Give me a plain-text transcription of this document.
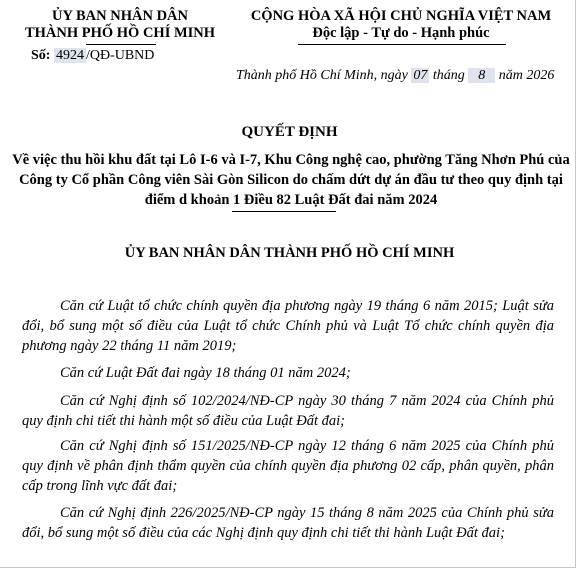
ỦY BAN NHÂN DÂN
THÀNH PHỐ HỒ CHÍ MINH
Số: 4924 /QĐ-UBND
CỘNG HÒA XÃ HỘI CHỦ NGHĨA VIỆT NAM
Độc lập - Tự do - Hạnh phúc
Thành phố Hồ Chí Minh, ngày 07 tháng 8 năm 2026
QUYẾT ĐỊNH
Về việc thu hồi khu đất tại Lô I-6 và I-7, Khu Công nghệ cao, phường Tăng Nhơn Phú của Công ty Cổ phần Công viên Sài Gòn Silicon do chấm dứt dự án đầu tư theo quy định tại điểm d khoản 1 Điều 82 Luật Đất đai năm 2024
ỦY BAN NHÂN DÂN THÀNH PHỐ HỒ CHÍ MINH
Căn cứ Luật tổ chức chính quyền địa phương ngày 19 tháng 6 năm 2015; Luật sửa đổi, bổ sung một số điều của Luật tổ chức Chính phủ và Luật Tổ chức chính quyền địa phương ngày 22 tháng 11 năm 2019;
Căn cứ Luật Đất đai ngày 18 tháng 01 năm 2024;
Căn cứ Nghị định số 102/2024/NĐ-CP ngày 30 tháng 7 năm 2024 của Chính phủ quy định chi tiết thi hành một số điều của Luật Đất đai;
Căn cứ Nghị định số 151/2025/NĐ-CP ngày 12 tháng 6 năm 2025 của Chính phủ quy định về phân định thẩm quyền của chính quyền địa phương 02 cấp, phân quyền, phân cấp trong lĩnh vực đất đai;
Căn cứ Nghị định 226/2025/NĐ-CP ngày 15 tháng 8 năm 2025 của Chính phủ sửa đổi, bổ sung một số điều của các Nghị định quy định chi tiết thi hành Luật Đất đai;
